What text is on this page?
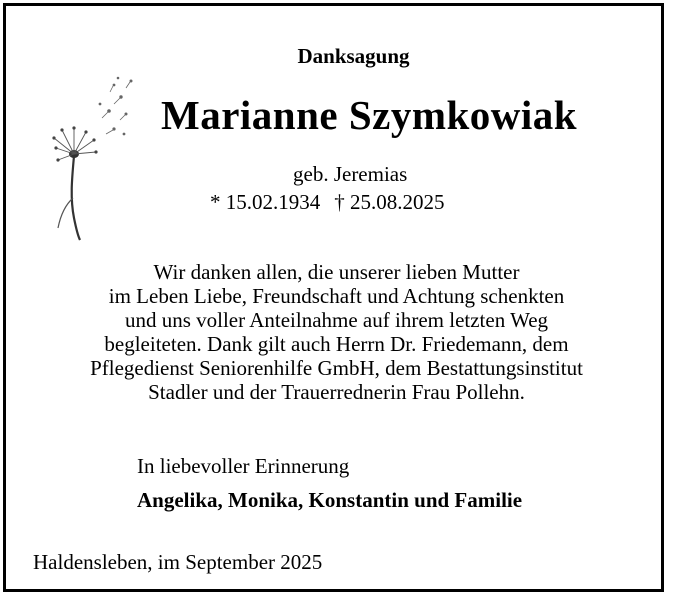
Danksagung
Marianne Szymkowiak
geb. Jeremias
* 15.02.1934 † 25.08.2025
Wir danken allen, die unserer lieben Mutter
im Leben Liebe, Freundschaft und Achtung schenkten
und uns voller Anteilnahme auf ihrem letzten Weg
begleiteten. Dank gilt auch Herrn Dr. Friedemann, dem
Pflegedienst Seniorenhilfe GmbH, dem Bestattungsinstitut
Stadler und der Trauerrednerin Frau Pollehn.
In liebevoller Erinnerung
Angelika, Monika, Konstantin und Familie
Haldensleben, im September 2025
